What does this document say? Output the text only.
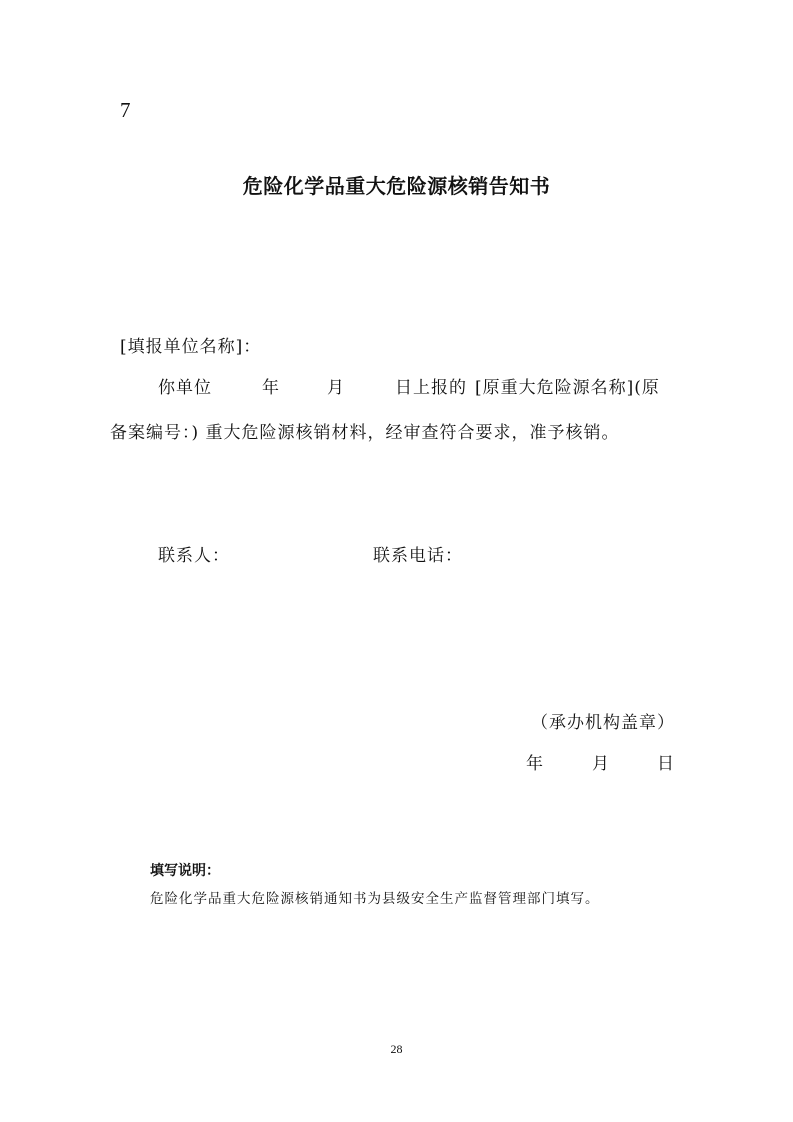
7
危险化学品重大危险源核销告知书
[填报单位名称]：
你单位	年	月	日上报的 [原重大危险源名称](原
备案编号：) 重大危险源核销材料，经审查符合要求，准予核销。
联系人：	联系电话：
（承办机构盖章）
年	月	日
填写说明：
危险化学品重大危险源核销通知书为县级安全生产监督管理部门填写。
28
